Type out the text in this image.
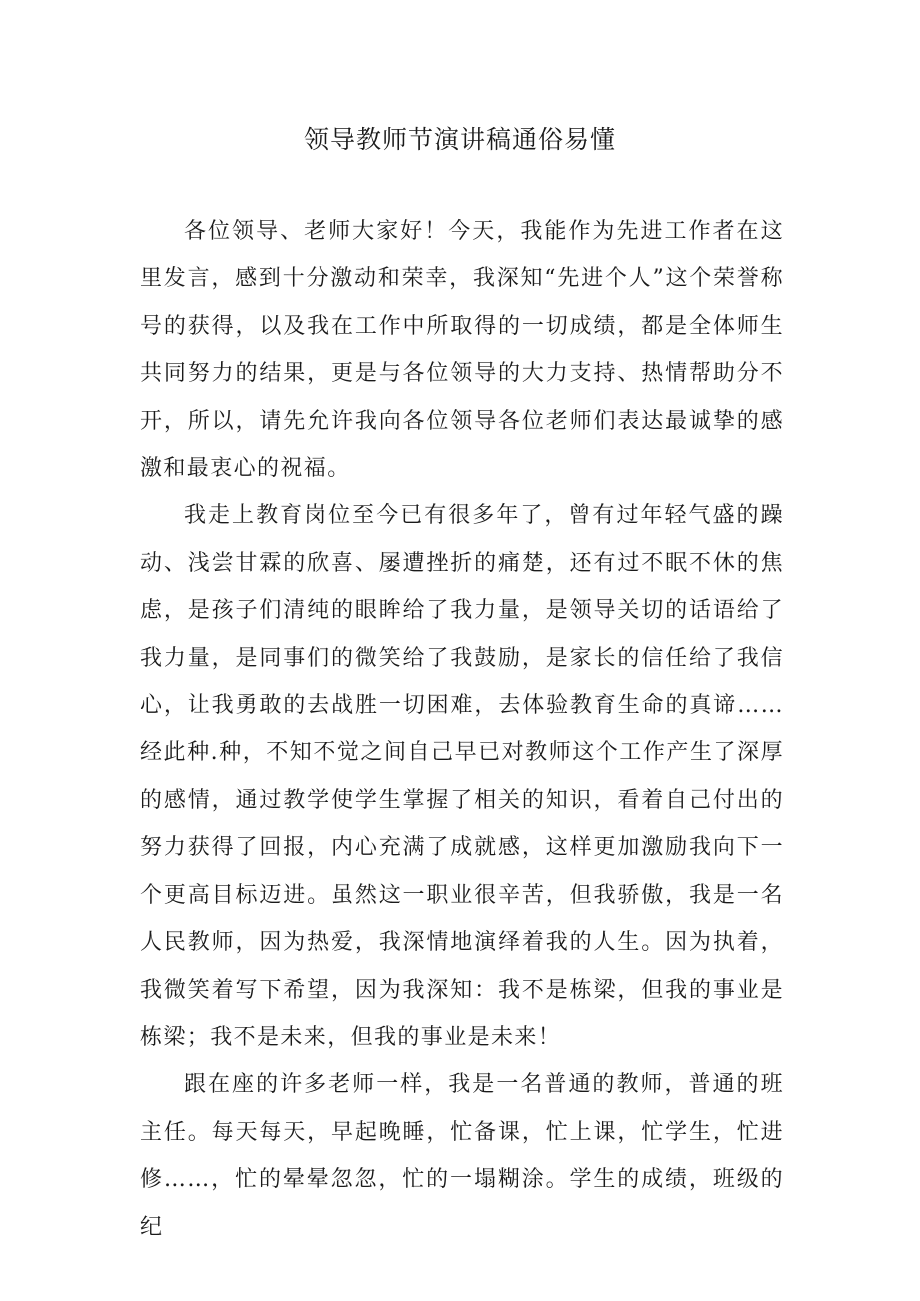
领导教师节演讲稿通俗易懂

各位领导、老师大家好！今天，我能作为先进工作者在这里发言，感到十分激动和荣幸，我深知“先进个人”这个荣誉称号的获得，以及我在工作中所取得的一切成绩，都是全体师生共同努力的结果，更是与各位领导的大力支持、热情帮助分不开，所以，请先允许我向各位领导各位老师们表达最诚挚的感激和最衷心的祝福。

我走上教育岗位至今已有很多年了，曾有过年轻气盛的躁动、浅尝甘霖的欣喜、屡遭挫折的痛楚，还有过不眠不休的焦虑，是孩子们清纯的眼眸给了我力量，是领导关切的话语给了我力量，是同事们的微笑给了我鼓励，是家长的信任给了我信心，让我勇敢的去战胜一切困难，去体验教育生命的真谛……经此种.种，不知不觉之间自己早已对教师这个工作产生了深厚的感情，通过教学使学生掌握了相关的知识，看着自己付出的努力获得了回报，内心充满了成就感，这样更加激励我向下一个更高目标迈进。虽然这一职业很辛苦，但我骄傲，我是一名人民教师，因为热爱，我深情地演绎着我的人生。因为执着，我微笑着写下希望，因为我深知：我不是栋梁，但我的事业是栋梁；我不是未来，但我的事业是未来！

跟在座的许多老师一样，我是一名普通的教师，普通的班主任。每天每天，早起晚睡，忙备课，忙上课，忙学生，忙进修……，忙的晕晕忽忽，忙的一塌糊涂。学生的成绩，班级的纪
